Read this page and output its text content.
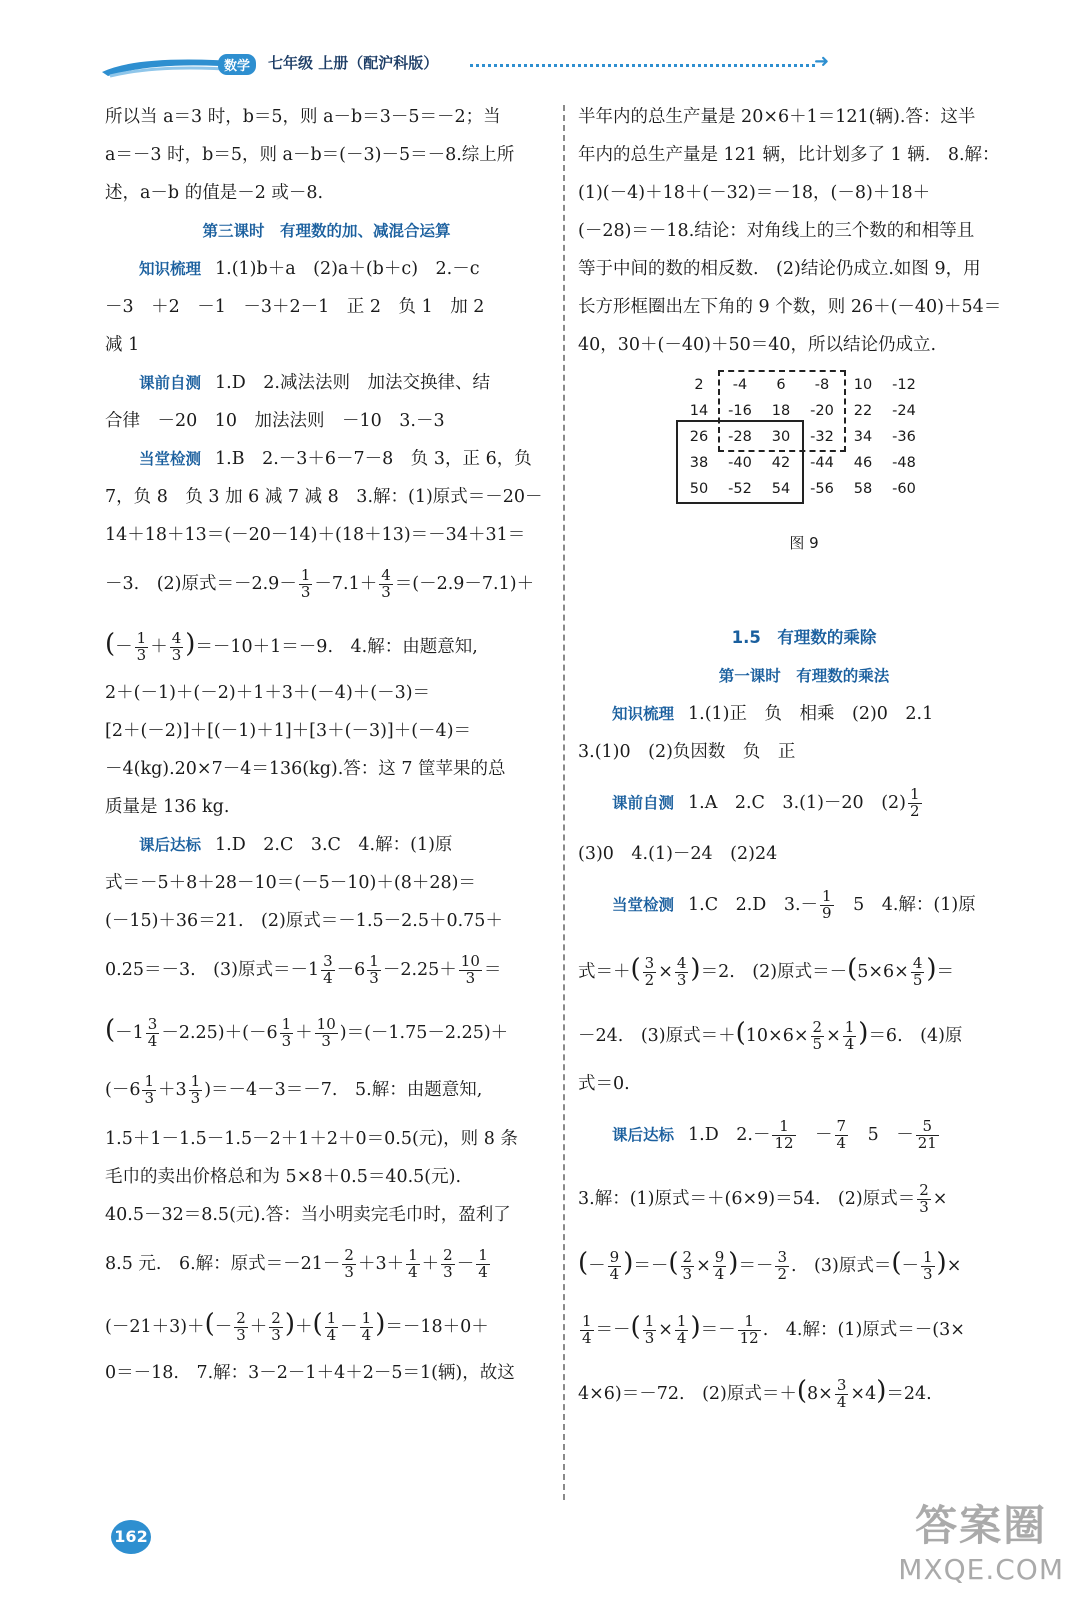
数学	七年级 上册（配沪科版）	➜
所以当 a＝3 时，b＝5，则 a－b＝3－5＝－2；当
a＝－3 时，b＝5，则 a－b＝(－3)－5＝－8.综上所
述，a－b 的值是－2 或－8.
第三课时　有理数的加、减混合运算
知识梳理 1.(1)b＋a　(2)a＋(b＋c)　2.－c
－3　＋2　－1　－3＋2－1　正 2　负 1　加 2
减 1
课前自测 1.D　2.减法法则　加法交换律、结
合律　－20　10　加法法则　－10　3.－3
当堂检测 1.B　2.－3＋6－7－8　负 3，正 6，负
7，负 8　负 3 加 6 减 7 减 8　3.解：(1)原式＝－20－
14＋18＋13＝(－20－14)＋(18＋13)＝－34＋31＝
－3.　(2)原式$=-2.9- \frac{1}{3} -7.1+ \frac{4}{3} =(-2.9-7.1)+$
(－ $\frac{1}{3} + \frac{4}{3} )=-10+1=-9$.　4.解：由题意知,
2＋(－1)＋(－2)＋1＋3＋(－4)＋(－3)＝
[2＋(－2)]＋[(－1)＋1]＋[3＋(－3)]＋(－4)＝
－4(kg).20×7－4＝136(kg).答：这 7 筐苹果的总
质量是 136 kg.
课后达标 1.D　2.C　3.C　4.解：(1)原
式＝－5＋8＋28－10＝(－5－10)＋(8＋28)＝
(－15)＋36＝21.　(2)原式＝－1.5－2.5＋0.75＋
0.25＝－3.　(3)原式$=-1 \frac{3}{4} -6 \frac{1}{3} -2.25+ \frac{10}{3}$ ＝
$(-1 \frac{3}{4} -2.25)+(-6 \frac{1}{3} + \frac{10}{3} )=(-1.75-2.25)+$
$(-6 \frac{1}{3} +3 \frac{1}{3} )=-4-3=-7$.　5.解：由题意知,
1.5＋1－1.5－1.5－2＋1＋2＋0＝0.5(元)，则 8 条
毛巾的卖出价格总和为 5×8＋0.5＝40.5(元).
40.5－32＝8.5(元).答：当小明卖完毛巾时，盈利了
8.5 元.　6.解：原式$=-21- \frac{2}{3} +3+ \frac{1}{4} + \frac{2}{3} - \frac{1}{4}$
$(-21+3)+(- \frac{2}{3} + \frac{2}{3}$ )＋( $\frac{1}{4} - \frac{1}{4} )=-18+0+$
0＝－18.　7.解：3－2－1＋4＋2－5＝1(辆)，故这
半年内的总生产量是 20×6＋1＝121(辆).答：这半
年内的总生产量是 121 辆，比计划多了 1 辆.　8.解：
(1)(－4)＋18＋(－32)＝－18，(－8)＋18＋
(－28)＝－18.结论：对角线上的三个数的和相等且
等于中间的数的相反数.　(2)结论仍成立.如图 9，用
长方形框圈出左下角的 9 个数，则 26＋(－40)＋54＝
40，30＋(－40)＋50＝40，所以结论仍成立.
2	-4	6	-8	10	-12
14	-16	18	-20	22	-24
26	-28	30	-32	34	-36
38	-40	42	-44	46	-48
50	-52	54	-56	58	-60
图 9
1.5　有理数的乘除
第一课时　有理数的乘法
知识梳理 1.(1)正　负　相乘　(2)0　2.1
3.(1)0　(2)负因数　负　正
课前自测 1.A　2.C　3.(1)－20　$(2) \frac{1}{2}$
(3)0　4.(1)－24　(2)24
当堂检测 1.C　2.D　$3.- \frac{1}{9}$ 　5　4.解：(1)原
式＝＋( $\frac{3}{2} \times \frac{4}{3} )=2$.　(2)原式$=-(5\times 6\times \frac{4}{5}$ )＝
－24.　(3)原式$=+(10\times 6\times \frac{2}{5} \times \frac{1}{4} )=6$.　(4)原
式＝0.
课后达标 1.D　$2.- \frac{1}{12}$ 　－ $\frac{7}{4}$ 　5　－ $\frac{5}{21}$
3.解：(1)原式＝＋(6×9)＝54.　(2)原式＝ $\frac{2}{3}$ ×
(－ $\frac{9}{4}$ )＝－( $\frac{2}{3} \times \frac{9}{4}$ )＝－ $\frac{3}{2}$ .　(3)原式＝(－ $\frac{1}{3}$ )×
$\frac{1}{4}$ ＝－( $\frac{1}{3} \times \frac{1}{4}$ )＝－ $\frac{1}{12}$ .　4.解：(1)原式＝－(3×
4×6)＝－72.　(2)原式$=+(8\times \frac{3}{4} \times 4)=24$.
162	答案圈
MXQE.COM
